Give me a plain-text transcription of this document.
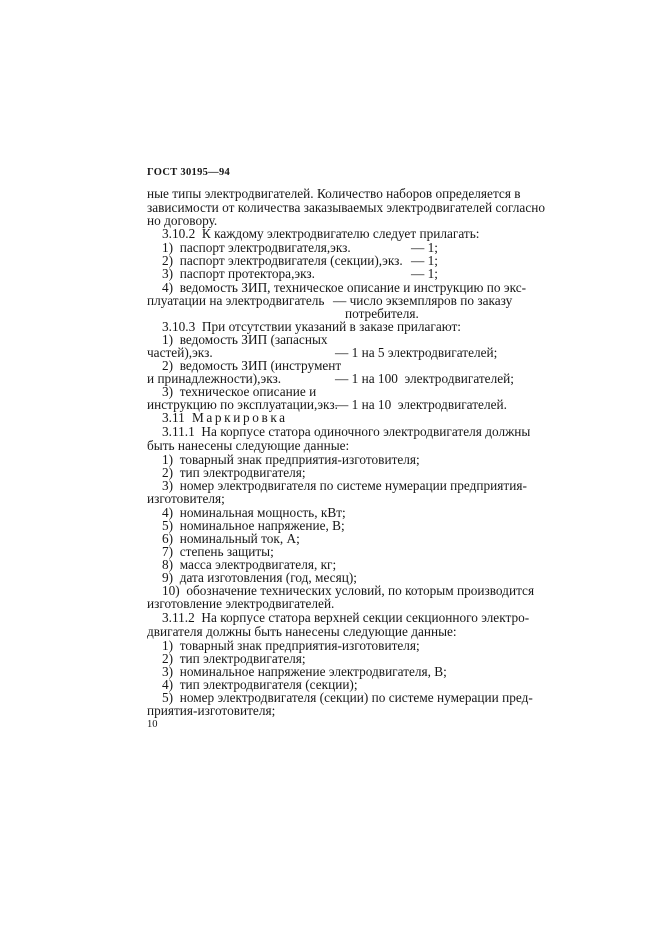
ГОСТ 30195—94
ные типы электродвигателей. Количество наборов определяется в
зависимости от количества заказываемых электродвигателей согласно
но договору.
3.10.2  К каждому электродвигателю следует прилагать:
1)  паспорт электродвигателя,экз.	— 1;
2)  паспорт электродвигателя (секции),экз. — 1;
3)  паспорт протектора,экз.	— 1;
4)  ведомость ЗИП, техническое описание и инструкцию по экс-
плуатации на электродвигатель — число экземпляров по заказу
потребителя.
3.10.3  При отсутствии указаний в заказе прилагают:
1)  ведомость ЗИП (запасных
частей),экз.	— 1 на 5 электродвигателей;
2)  ведомость ЗИП (инструмент
и принадлежности),экз.	— 1 на 100  электродвигателей;
3)  техническое описание и
инструкцию по эксплуатации,экз.
— 1 на 10  электродвигателей.
3.11 Маркировка
3.11.1  На корпусе статора одиночного электродвигателя должны
быть нанесены следующие данные:
1)  товарный знак предприятия-изготовителя;
2)  тип электродвигателя;
3)  номер электродвигателя по системе нумерации предприятия-
изготовителя;
4)  номинальная мощность, кВт;
5)  номинальное напряжение, В;
6)  номинальный ток, А;
7)  степень защиты;
8)  масса электродвигателя, кг;
9)  дата изготовления (год, месяц);
10)  обозначение технических условий, по которым производится
изготовление электродвигателей.
3.11.2  На корпусе статора верхней секции секционного электро-
двигателя должны быть нанесены следующие данные:
1)  товарный знак предприятия-изготовителя;
2)  тип электродвигателя;
3)  номинальное напряжение электродвигателя, В;
4)  тип электродвигателя (секции);
5)  номер электродвигателя (секции) по системе нумерации пред-
приятия-изготовителя;
10
